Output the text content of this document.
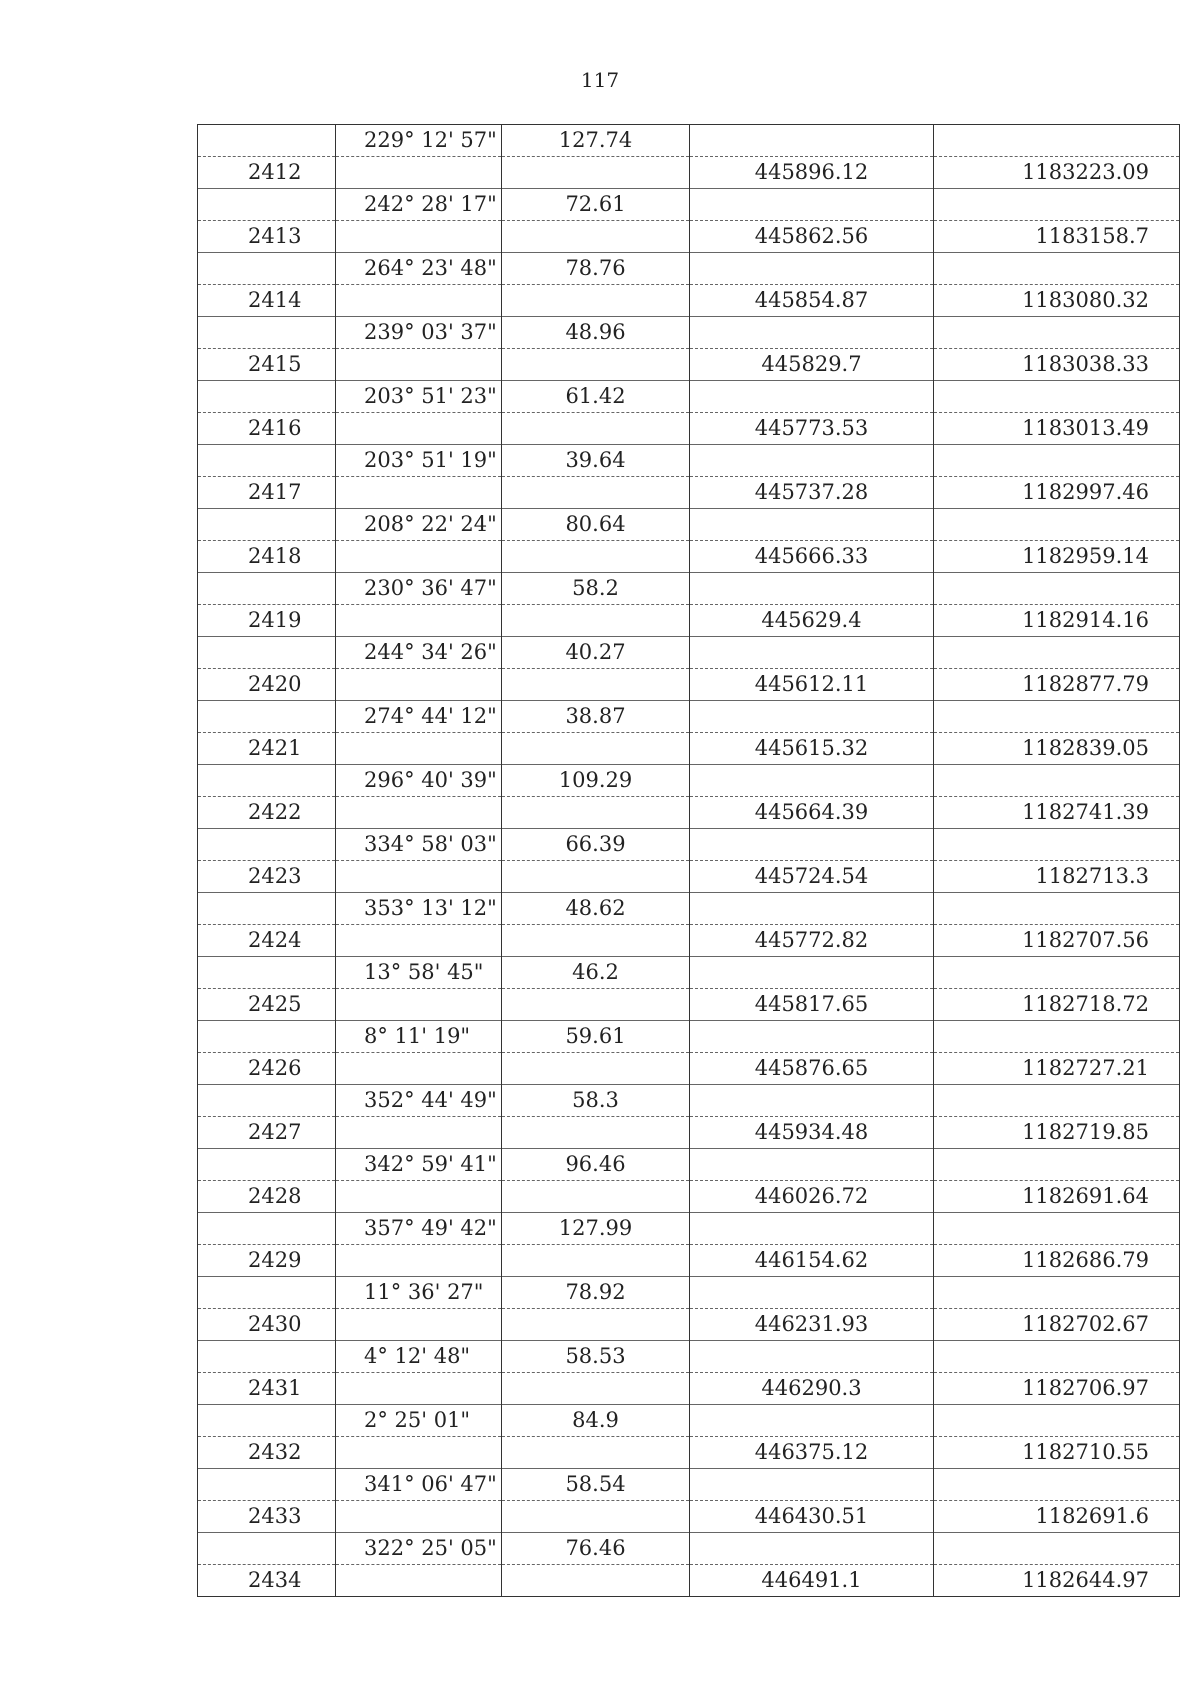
117
	229° 12' 57"	127.74		
2412			445896.12	1183223.09
	242° 28' 17"	72.61		
2413			445862.56	1183158.7
	264° 23' 48"	78.76		
2414			445854.87	1183080.32
	239° 03' 37"	48.96		
2415			445829.7	1183038.33
	203° 51' 23"	61.42		
2416			445773.53	1183013.49
	203° 51' 19"	39.64		
2417			445737.28	1182997.46
	208° 22' 24"	80.64		
2418			445666.33	1182959.14
	230° 36' 47"	58.2		
2419			445629.4	1182914.16
	244° 34' 26"	40.27		
2420			445612.11	1182877.79
	274° 44' 12"	38.87		
2421			445615.32	1182839.05
	296° 40' 39"	109.29		
2422			445664.39	1182741.39
	334° 58' 03"	66.39		
2423			445724.54	1182713.3
	353° 13' 12"	48.62		
2424			445772.82	1182707.56
	13° 58' 45"	46.2		
2425			445817.65	1182718.72
	8° 11' 19"	59.61		
2426			445876.65	1182727.21
	352° 44' 49"	58.3		
2427			445934.48	1182719.85
	342° 59' 41"	96.46		
2428			446026.72	1182691.64
	357° 49' 42"	127.99		
2429			446154.62	1182686.79
	11° 36' 27"	78.92		
2430			446231.93	1182702.67
	4° 12' 48"	58.53		
2431			446290.3	1182706.97
	2° 25' 01"	84.9		
2432			446375.12	1182710.55
	341° 06' 47"	58.54		
2433			446430.51	1182691.6
	322° 25' 05"	76.46		
2434			446491.1	1182644.97
